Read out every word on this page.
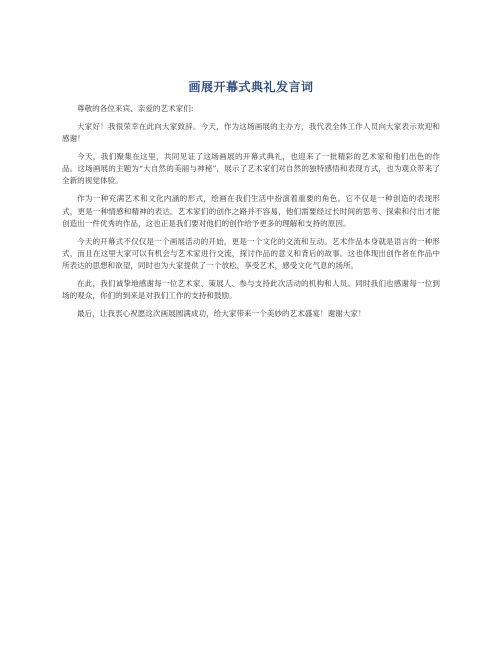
画展开幕式典礼发言词

尊敬的各位来宾、亲爱的艺术家们:

大家好！我很荣幸在此向大家致辞。今天，作为这场画展的主办方，我代表全体工作人员向大家表示欢迎和感谢！

今天，我们聚集在这里，共同见证了这场画展的开幕式典礼，也迎来了一批精彩的艺术家和他们出色的作品。这场画展的主题为“大自然的美丽与神秘”，展示了艺术家们对自然的独特感悟和表现方式，也为观众带来了全新的视觉体验。

作为一种充满艺术和文化内涵的形式，绘画在我们生活中扮演着重要的角色。它不仅是一种创造的表现形式，更是一种情感和精神的表达。艺术家们的创作之路并不容易，他们需要经过长时间的思考、探索和付出才能创造出一件优秀的作品，这也正是我们要对他们的创作给予更多的理解和支持的原因。

今天的开幕式不仅仅是一个画展活动的开始，更是一个文化的交流和互动。艺术作品本身就是语言的一种形式，而且在这里大家可以有机会与艺术家进行交流，探讨作品的意义和背后的故事。这也体现出创作者在作品中所表达的思想和欲望，同时也为大家提供了一个放松，享受艺术，感受文化气息的场所。

在此，我们诚挚地感谢每一位艺术家、策展人、参与支持此次活动的机构和人员。同时我们也感谢每一位到场的观众，你们的到来是对我们工作的支持和鼓励。

最后，让我衷心祝愿这次画展圆满成功，给大家带来一个美妙的艺术盛宴！谢谢大家！
